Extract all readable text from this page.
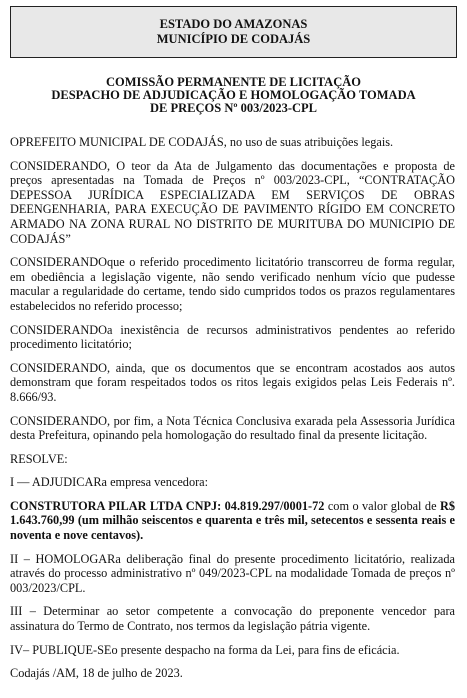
ESTADO DO AMAZONAS
MUNICÍPIO DE CODAJÁS
COMISSÃO PERMANENTE DE LICITAÇÃO
DESPACHO DE ADJUDICAÇÃO E HOMOLOGAÇÃO TOMADA
DE PREÇOS Nº 003/2023-CPL

OPREFEITO MUNICIPAL DE CODAJÁS, no uso de suas atribuições legais.

CONSIDERANDO, O teor da Ata de Julgamento das documentações e proposta de preços apresentadas na Tomada de Preços nº 003/2023-CPL, “CONTRATAÇÃO DEPESSOA JURÍDICA ESPECIALIZADA EM SERVIÇOS DE OBRAS DEENGENHARIA, PARA EXECUÇÃO DE PAVIMENTO RÍGIDO EM CONCRETO ARMADO NA ZONA RURAL NO DISTRITO DE MURITUBA DO MUNICIPIO DE CODAJÁS”

CONSIDERANDOque o referido procedimento licitatório transcorreu de forma regular, em obediência a legislação vigente, não sendo verificado nenhum vício que pudesse macular a regularidade do certame, tendo sido cumpridos todos os prazos regulamentares estabelecidos no referido processo;

CONSIDERANDOa inexistência de recursos administrativos pendentes ao referido procedimento licitatório;

CONSIDERANDO, ainda, que os documentos que se encontram acostados aos autos demonstram que foram respeitados todos os ritos legais exigidos pelas Leis Federais nº. 8.666/93.

CONSIDERANDO, por fim, a Nota Técnica Conclusiva exarada pela Assessoria Jurídica desta Prefeitura, opinando pela homologação do resultado final da presente licitação.

RESOLVE:

I — ADJUDICARa empresa vencedora:

CONSTRUTORA PILAR LTDA CNPJ: 04.819.297/0001-72 com o valor global de R$ 1.643.760,99 (um milhão seiscentos e quarenta e três mil, setecentos e sessenta reais e noventa e nove centavos).

II – HOMOLOGARa deliberação final do presente procedimento licitatório, realizada através do processo administrativo nº 049/2023-CPL na modalidade Tomada de preços nº 003/2023/CPL.

III – Determinar ao setor competente a convocação do preponente vencedor para assinatura do Termo de Contrato, nos termos da legislação pátria vigente.

IV– PUBLIQUE-SEo presente despacho na forma da Lei, para fins de eficácia.

Codajás /AM, 18 de julho de 2023.
